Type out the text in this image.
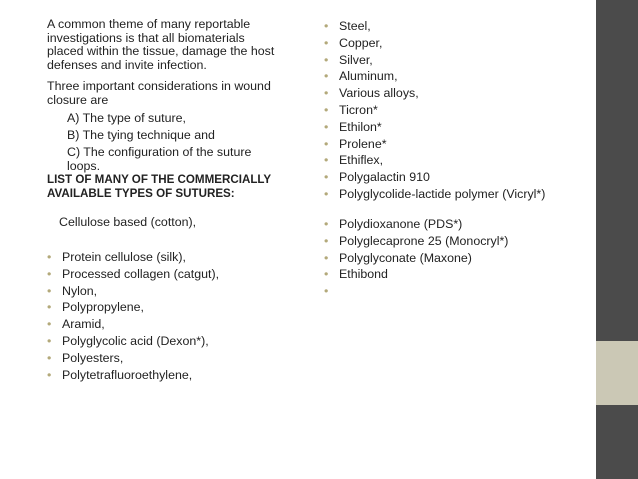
A common theme of many reportable investigations is that all biomaterials placed within the tissue, damage the host defenses and invite infection.
Three important considerations in wound closure are
A) The type of suture,
B) The tying technique and
C) The configuration of the suture loops.
LIST OF MANY OF THE COMMERCIALLY AVAILABLE TYPES OF SUTURES:
Cellulose based (cotton),
• Protein cellulose (silk),
• Processed collagen (catgut),
• Nylon,
• Polypropylene,
• Aramid,
• Polyglycolic acid (Dexon*),
• Polyesters,
• Polytetrafluoroethylene,
• Steel,
• Copper,
• Silver,
• Aluminum,
• Various alloys,
• Ticron*
• Ethilon*
• Prolene*
• Ethiflex,
• Polygalactin 910
• Polyglycolide-lactide polymer (Vicryl*)
• Polydioxanone (PDS*)
• Polyglecaprone 25 (Monocryl*)
• Polyglyconate (Maxone)
• Ethibond
•
